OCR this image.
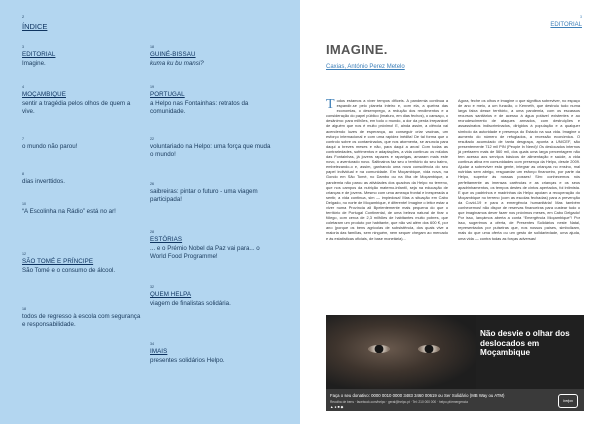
2
ÍNDICE
3
EDITORIAL
Imagine.
4
MOÇAMBIQUE
sentir a tragédia pelos olhos de quem a vive.
7
o mundo não parou!
8
dias inverttidos.
10
“A Escolinha na Rádio” está no ar!
12
SÃO TOMÉ E PRÍNCIPE
São Tomé e o consumo de álcool.
18
todos de regresso à escola com segurança e responsabilidade.
18
GUINÉ-BISSAU
kuma ku bu mansi?
19
PORTUGAL
a Helpo nas Fontainhas: retratos da comunidade.
22
voluntariado na Helpo: uma força que muda o mundo!
26
saibreiras: pintar o futuro - uma viagem participada!
28
ESTÓRIAS
... e o Prémio Nobel da Paz vai para... o World Food Programme!
32
QUEM HELPA
viagem de finalistas solidária.
34
IMAIS
presentes solidários Helpo.
3
EDITORIAL
IMAGINE.
Caxias, António Perez Metelo
Todos estamos a viver tempos difíceis. A pandemia continua a espandir-se pelo planeta inteiro e, com ela, a quebra das economias, o desemprego, a redução dos rendimentos e a consideração do papel público (imaturo, em dias fechos), o cansaço, o desânimo: para milhões, em todo o mundo, a dor da perda irreparável de alguém que nos é muito próximo! E, ainda assim, a ciência vai acendendo luzes de esperança, ao conseguir criar vacinas, um esforço internacional e com uma rapidez inédita! De tal forma que o controlo sobre os contaminados, que nos atormenta, se anuncia para daqui a breves meses e não, para daqui a anos! Com todas as contrariedades, sofrimentos e adaptações, a vida continua: os miúdos das Fontainhas, já jovens rapazes e raparigas, amaram mais este novo, o aventurado novo. Saltinairos faz seu o território do seu bairro, embelezando-o e, assim, ganhando uma nova consciência do seu papel individual e na comunidade. Em Moçambique, vida nova, na Gondo em São Tomé, no Dambo ou na Ilha de Moçambique, a pandemia não parou as atividades dos quadros da Helpo no terreno, que nos campos da nutrição materno-infantil, seja na educação de crianças e de jovens. Mesmo com uma ameaça frontal e inesperada a sentir, a vida continua, sim — impiedosa! Mas a situação em Cabo Delgado, no norte de Moçambique, é diferente! Imagine o leitor estar a viver numa Província ali Bpeientemente mais pequena do que o território de Portugal Continental, de uma beleza natural de tirar o fôlego, com cerca de 2,3 milhões de habitantes muito pobres, que coletaram um produto por habitante, que não vai além dos 600 €, por ano (porque os bens agrícolas de subsistência, dos quais vive a maioria das famílias, sem ninguém, nem sequer chegam ao mercado e às estatísticas oficiais, de base monetária)...
Agora, feche os olhos e imagine o que significa sobreviver, no espaço de ano e meio, a um furacão, o Kenneth, que destruiu tudo numa larga faixa desse território, a uma pandemia, com os escassos recursos sanitários e de acesso à água potável existentes e ao recrudescimento de ataques armados, com destruições e assassinatos indiscriminados, dirigidos à população e a qualquer símbolo da autoridade e presença do Estado na sua vida. Imagine o aumento do número de refugiados, a recessão económica. O resultado acumulado de tanta desgraça, aponta a UNICEF, são presentemente 712 mil PIN (People In Need)! Os deslocados internos já perfazem mais de 560 mil, dos quais uma larga percentagem não tem acesso aos serviços básicos de alimentação e saúde, a vida continua ativa em comunidades com presença da Helpo, desde 2009. Ajudar a sobreviver esta gente, integrar as crianças no ensino, mal nutridas sem abrigo, resguardar um esforço financeiro, por parte da Helpo, superior às nossas posses! Sim: conhecemos nós perfeitamente as imensas carências e as crianças e os seus apadrinhamentos, os tempos destes de cintos apertados, foi intimista. E que os padrinhos e madrinhas da Helpo apoiam a recuperação do Moçambique no terreno (com as escolas fechadas) para a prevenção da Covid-19 e para a emergência humanitária! Mas também conhecemos! não dispor de reservas financeiras para custear tudo o que imaginamos dever fazer nos próximos meses, em Cabo Delgado! Por isso, lançámos aberta a conta “Emergência Moçambique”! Por isso, sugerimos a oferta, de Presentes Solidários neste Natal, representados por pulseiras que, nos nossos países, simbolizam, mais do que uma oferta ou um gesto de solidariedade, uma ajuda, uma vida — contra todas as forças adversas!
Não desvie o olhar dos deslocados em Moçambique
Faça o seu donativo: 0000 0010 0000 3483 3460 00619 ou Ser Solidário (MB Way ou ATM)
Recolha de bens · facebook.com/helpo · geral@helpo.pt · Tel: 210 000 000 · helpo.pt/emergencia
▲ ● ■ ◆
helpo
